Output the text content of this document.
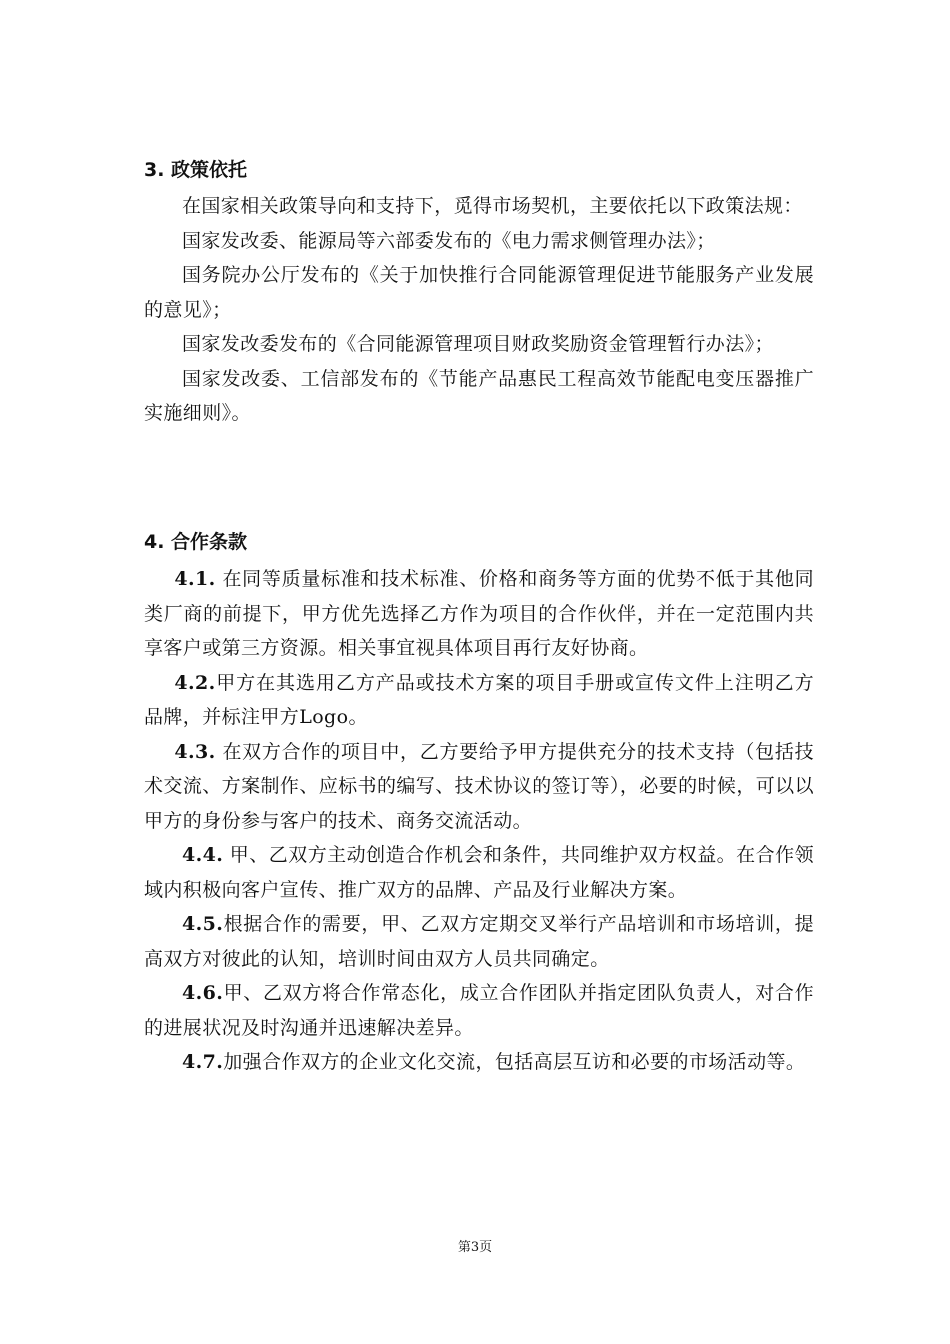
3. 政策依托

在国家相关政策导向和支持下，觅得市场契机，主要依托以下政策法规：

国家发改委、能源局等六部委发布的《电力需求侧管理办法》；

国务院办公厅发布的《关于加快推行合同能源管理促进节能服务产业发展的意见》；

国家发改委发布的《合同能源管理项目财政奖励资金管理暂行办法》；

国家发改委、工信部发布的《节能产品惠民工程高效节能配电变压器推广实施细则》。

4. 合作条款

4.1. 在同等质量标准和技术标准、价格和商务等方面的优势不低于其他同类厂商的前提下，甲方优先选择乙方作为项目的合作伙伴，并在一定范围内共享客户或第三方资源。相关事宜视具体项目再行友好协商。

4.2.甲方在其选用乙方产品或技术方案的项目手册或宣传文件上注明乙方品牌，并标注甲方Logo。

4.3. 在双方合作的项目中，乙方要给予甲方提供充分的技术支持（包括技术交流、方案制作、应标书的编写、技术协议的签订等），必要的时候，可以以甲方的身份参与客户的技术、商务交流活动。

4.4. 甲、乙双方主动创造合作机会和条件，共同维护双方权益。在合作领域内积极向客户宣传、推广双方的品牌、产品及行业解决方案。

4.5.根据合作的需要，甲、乙双方定期交叉举行产品培训和市场培训，提高双方对彼此的认知，培训时间由双方人员共同确定。

4.6.甲、乙双方将合作常态化，成立合作团队并指定团队负责人，对合作的进展状况及时沟通并迅速解决差异。

4.7.加强合作双方的企业文化交流，包括高层互访和必要的市场活动等。

第3页
